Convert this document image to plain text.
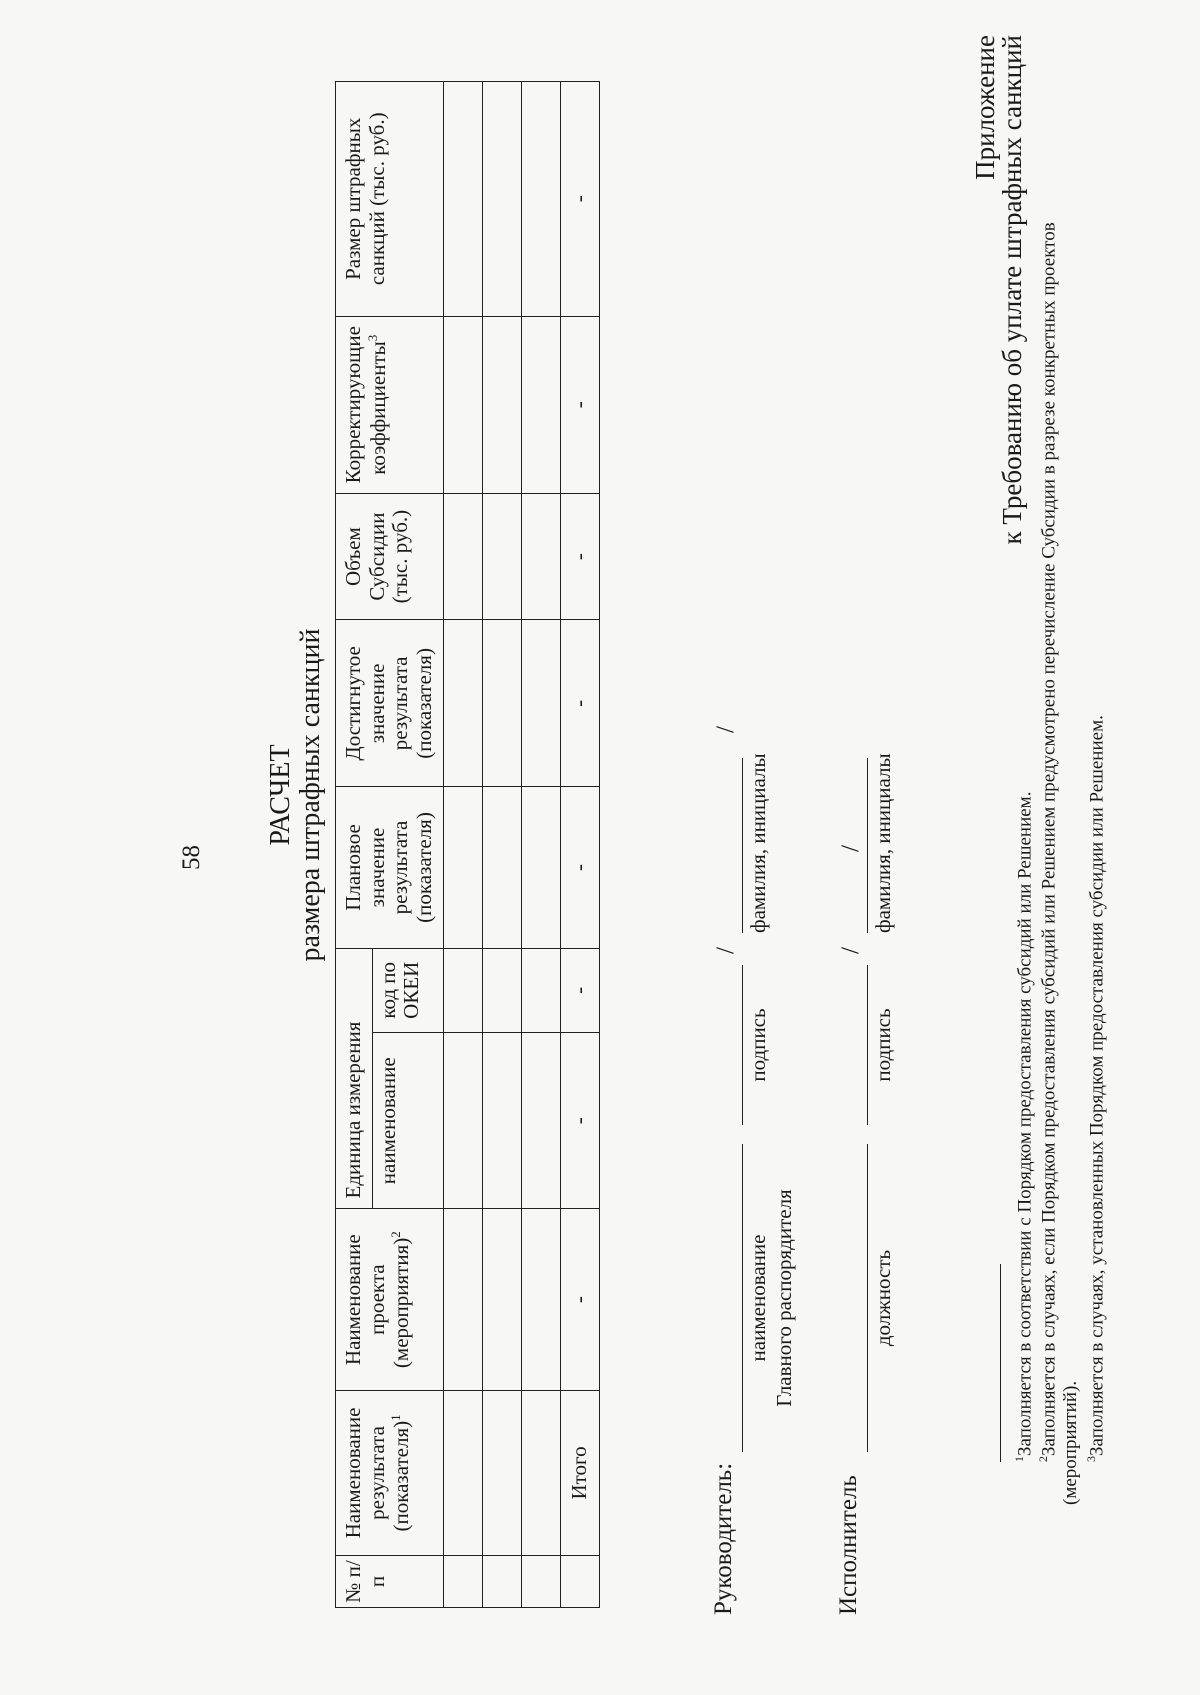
58
Приложение
к Требованию об уплате штрафных санкций
РАСЧЕТ размера штрафных санкций
№ п/п	Наименование результата (показателя)$^1$	Наименование проекта (мероприятия)$^2$	Единица измерения		Плановое значение результата (показателя)	Достигнутое значение результата (показателя)	Объем Субсидии (тыс. руб.)	Корректирующие коэффициенты$^3$	Размер штрафных санкций (тыс. руб.)
			наименование	код по ОКЕИ					

	Итого	-	-	-	-	-	-	-	-
Руководитель:
наименование Главного распорядителя
подпись
/
фамилия, инициалы
/
Исполнитель
должность
подпись
/
фамилия, инициалы
/
$^1$Заполняется в соответствии с Порядком предоставления субсидий или Решением.
$^2$Заполняется в случаях, если Порядком предоставления субсидий или Решением предусмотрено перечисление Субсидии в разрезе конкретных проектов (мероприятий). $^3$Заполняется в случаях, установленных Порядком предоставления субсидии или Решением.
